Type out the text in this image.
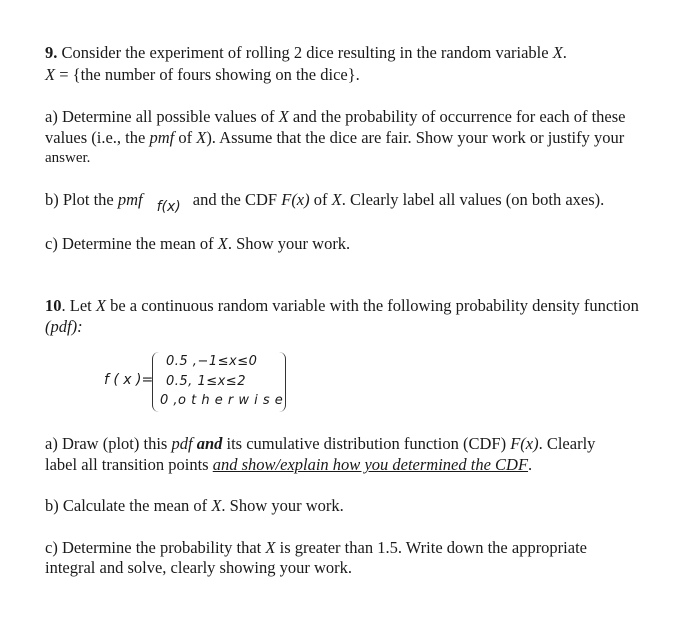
9. Consider the experiment of rolling 2 dice resulting in the random variable X.
X = {the number of fours showing on the dice}.
a) Determine all possible values of X and the probability of occurrence for each of these
values (i.e., the pmf of X). Assume that the dice are fair. Show your work or justify your
answer.
b) Plot the pmf $_{f(x)}$ and the CDF F(x) of X. Clearly label all values (on both axes).
c) Determine the mean of X. Show your work.
10. Let X be a continuous random variable with the following probability density function
(pdf):
f ( x )=
0.5 ,−1≤x≤0
0.5, 1≤x≤2
0 ,o t h e r w i s e
a) Draw (plot) this pdf and its cumulative distribution function (CDF) F(x). Clearly
label all transition points and show/explain how you determined the CDF.
b) Calculate the mean of X. Show your work.
c) Determine the probability that X is greater than 1.5. Write down the appropriate
integral and solve, clearly showing your work.
